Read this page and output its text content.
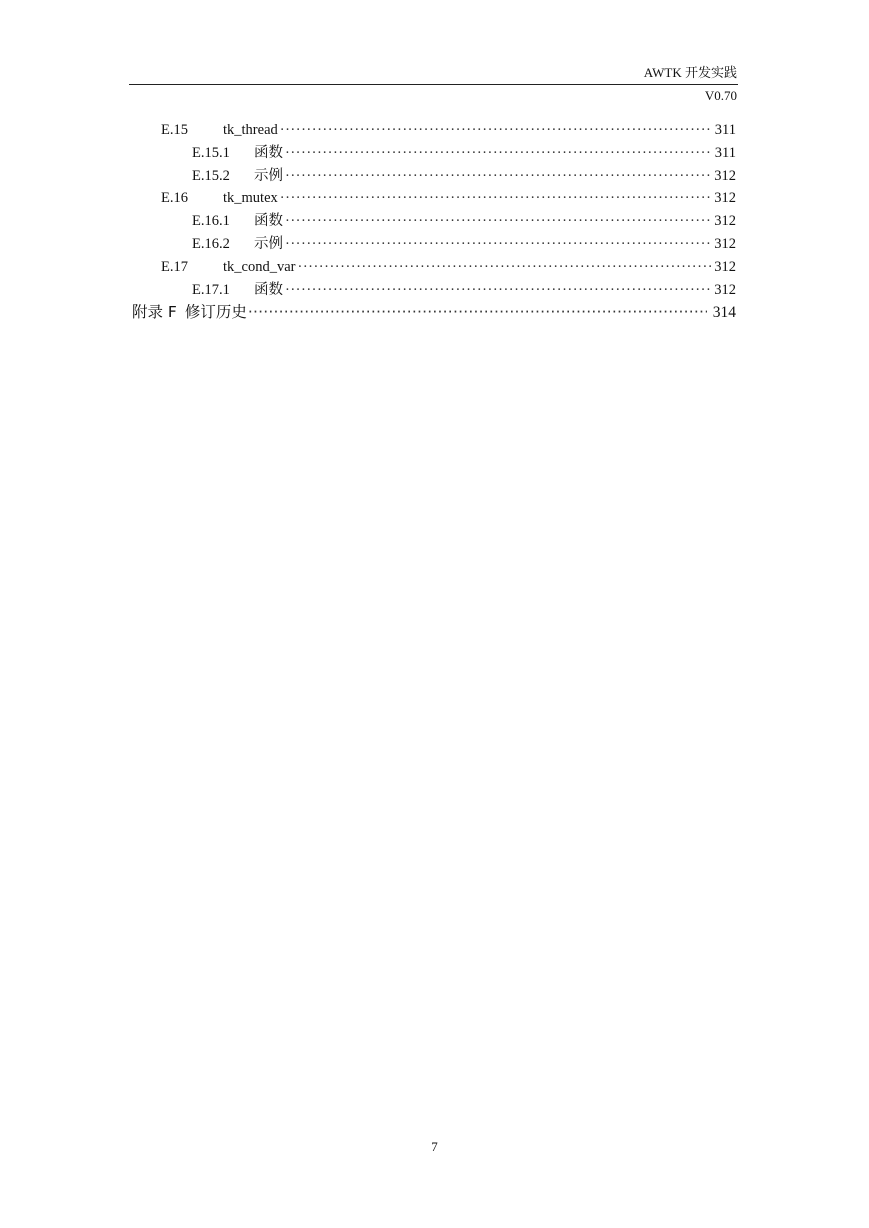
AWTK 开发实践
V0.70
E.15	tk_thread ·····	311
E.15.1	函数 ·····	311
E.15.2	示例 ·····	312
E.16	tk_mutex ·····	312
E.16.1	函数 ·····	312
E.16.2	示例 ·····	312
E.17	tk_cond_var ·····	312
E.17.1	函数 ·····	312
附录 F 修订历史 ·····	314
7
